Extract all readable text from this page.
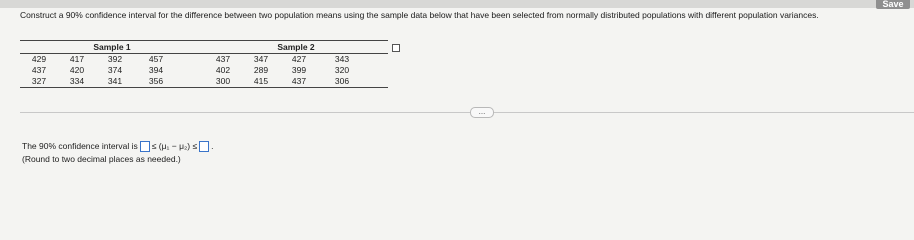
Save
Construct a 90% confidence interval for the difference between two population means using the sample data below that have been selected from normally distributed populations with different population variances.
Sample 1	Sample 2
429
437
327
417
420
334
392
374
341
457
394
356
437
402
300
347
289
415
427
399
437
343
320
306
...
The 90% confidence interval is ≤ (μ₁ − μ₂) ≤ .
(Round to two decimal places as needed.)
